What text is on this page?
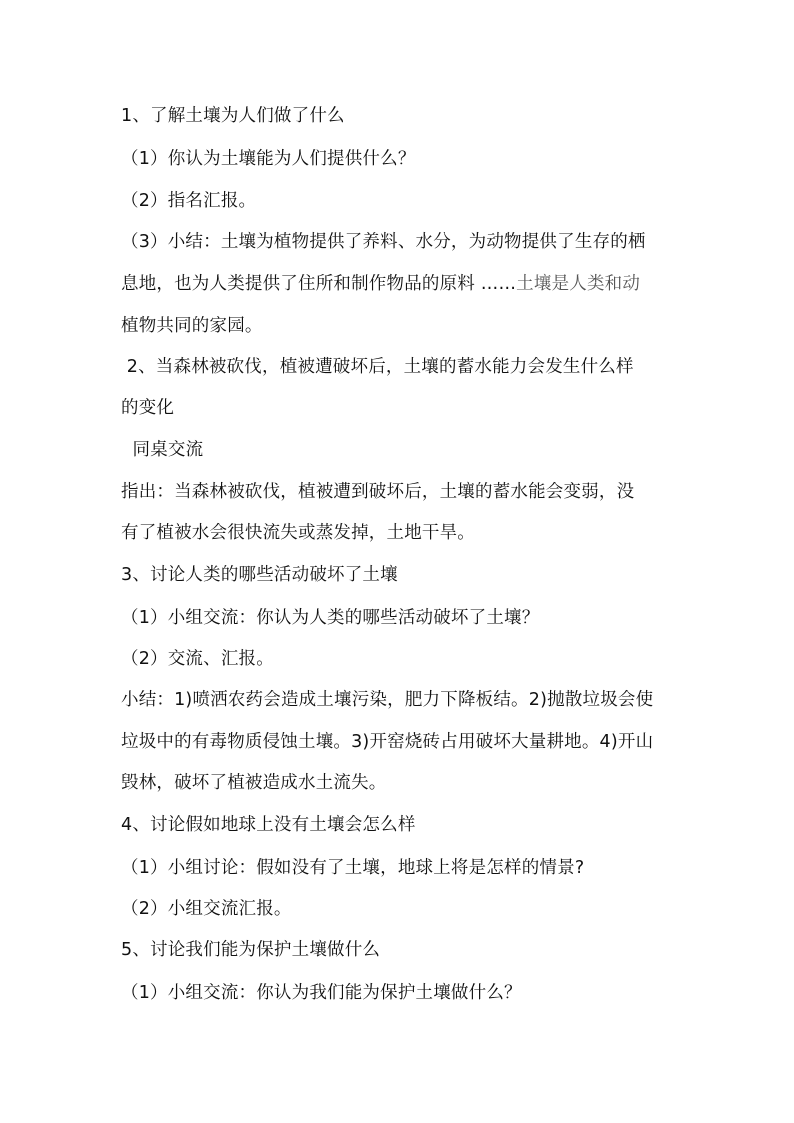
1、了解土壤为人们做了什么
（1）你认为土壤能为人们提供什么？
（2）指名汇报。
（3）小结：土壤为植物提供了养料、水分，为动物提供了生存的栖
息地，也为人类提供了住所和制作物品的原料 ……土壤是人类和动
植物共同的家园。
2、当森林被砍伐，植被遭破坏后，土壤的蓄水能力会发生什么样
的变化
同桌交流
指出：当森林被砍伐，植被遭到破坏后，土壤的蓄水能会变弱，没
有了植被水会很快流失或蒸发掉，土地干旱。
3、讨论人类的哪些活动破坏了土壤
（1）小组交流：你认为人类的哪些活动破坏了土壤？
（2）交流、汇报。
小结：1)喷洒农药会造成土壤污染，肥力下降板结。2)抛散垃圾会使
垃圾中的有毒物质侵蚀土壤。3)开窑烧砖占用破坏大量耕地。4)开山
毁林，破坏了植被造成水土流失。
4、讨论假如地球上没有土壤会怎么样
（1）小组讨论：假如没有了土壤，地球上将是怎样的情景?
（2）小组交流汇报。
5、讨论我们能为保护土壤做什么
（1）小组交流：你认为我们能为保护土壤做什么？
